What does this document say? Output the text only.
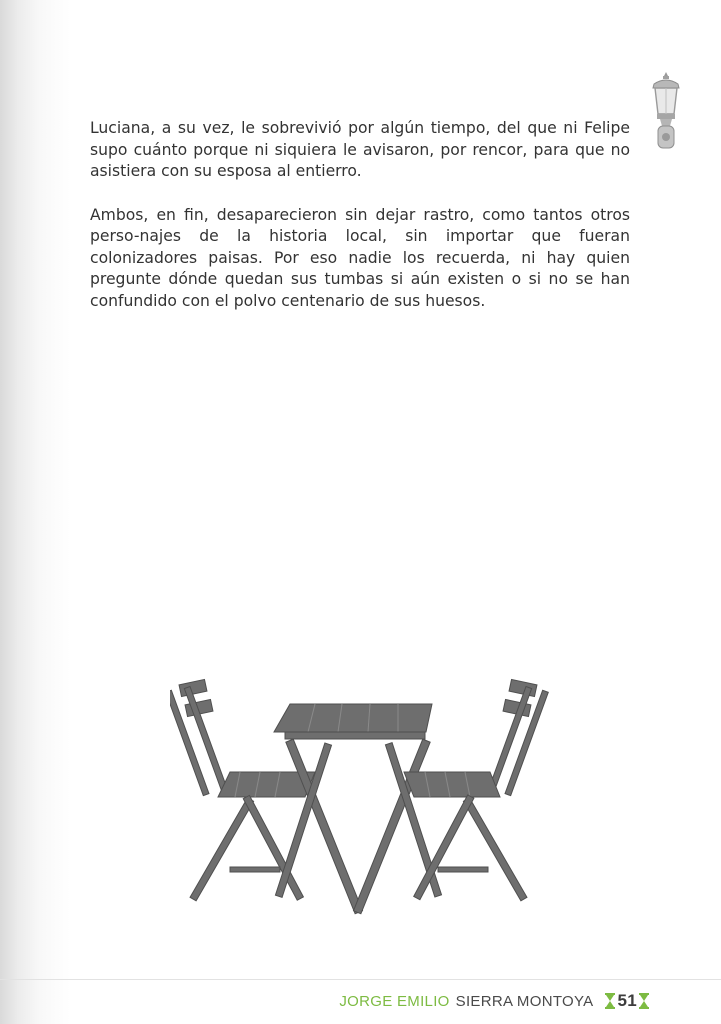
Luciana, a su vez, le sobrevivió por algún tiempo, del que ni Felipe supo cuánto porque ni siquiera le avisaron, por rencor, para que no asistiera con su esposa al entierro.

Ambos, en fin, desaparecieron sin dejar rastro, como tantos otros perso-najes de la historia local, sin importar que fueran colonizadores paisas. Por eso nadie los recuerda, ni hay quien pregunte dónde quedan sus tumbas si aún existen o si no se han confundido con el polvo centenario de sus huesos.

JORGE EMILIO SIERRA MONTOYA 51
